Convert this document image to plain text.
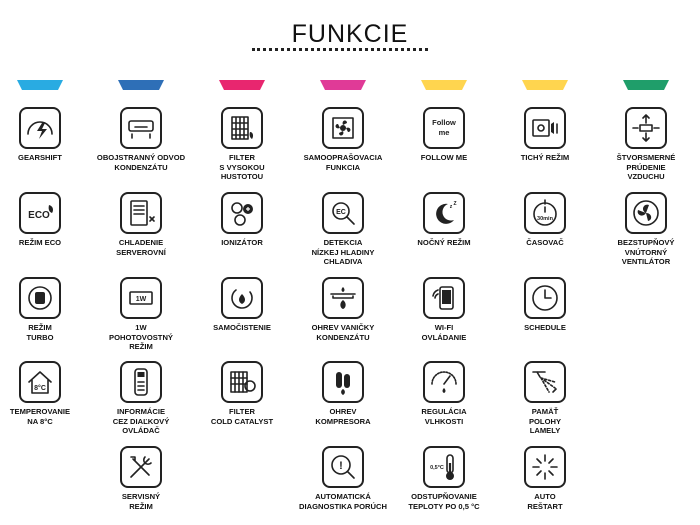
FUNKCIE
GEARSHIFT
ECO
REŽIM ECO
REŽIM
TURBO
8°C
TEMPEROVANIE
NA 8°C
OBOJSTRANNÝ ODVOD
KONDENZÁTU
CHLADENIE
SERVEROVNÍ
1W
1W
POHOTOVOSTNÝ
REŽIM
INFORMÁCIE
CEZ DIAĽKOVÝ
OVLÁDAČ
SERVISNÝ
REŽIM
FILTER
S VYSOKOU
HUSTOTOU
IONIZÁTOR
SAMOČISTENIE
FILTER
COLD CATALYST
SAMOOPRAŠOVACIA
FUNKCIA
EC
DETEKCIA
NÍZKEJ HLADINY
CHLADIVA
OHREV VANIČKY
KONDENZÁTU
OHREV
KOMPRESORA
!
AUTOMATICKÁ
DIAGNOSTIKA PORÚCH
Follow
me
FOLLOW ME
z Z
NOČNÝ REŽIM
WI-FI
OVLÁDANIE
REGULÁCIA
VLHKOSTI
0,5°C
ODSTUPŇOVANIE
TEPLOTY PO 0,5 °C
TICHÝ REŽIM
30min
ČASOVAČ
SCHEDULE
PAMÄŤ
POLOHY
LAMELY
AUTO
REŠTART
ŠTVORSMERNÉ
PRÚDENIE
VZDUCHU
BEZSTUPŇOVÝ
VNÚTORNÝ
VENTILÁTOR
